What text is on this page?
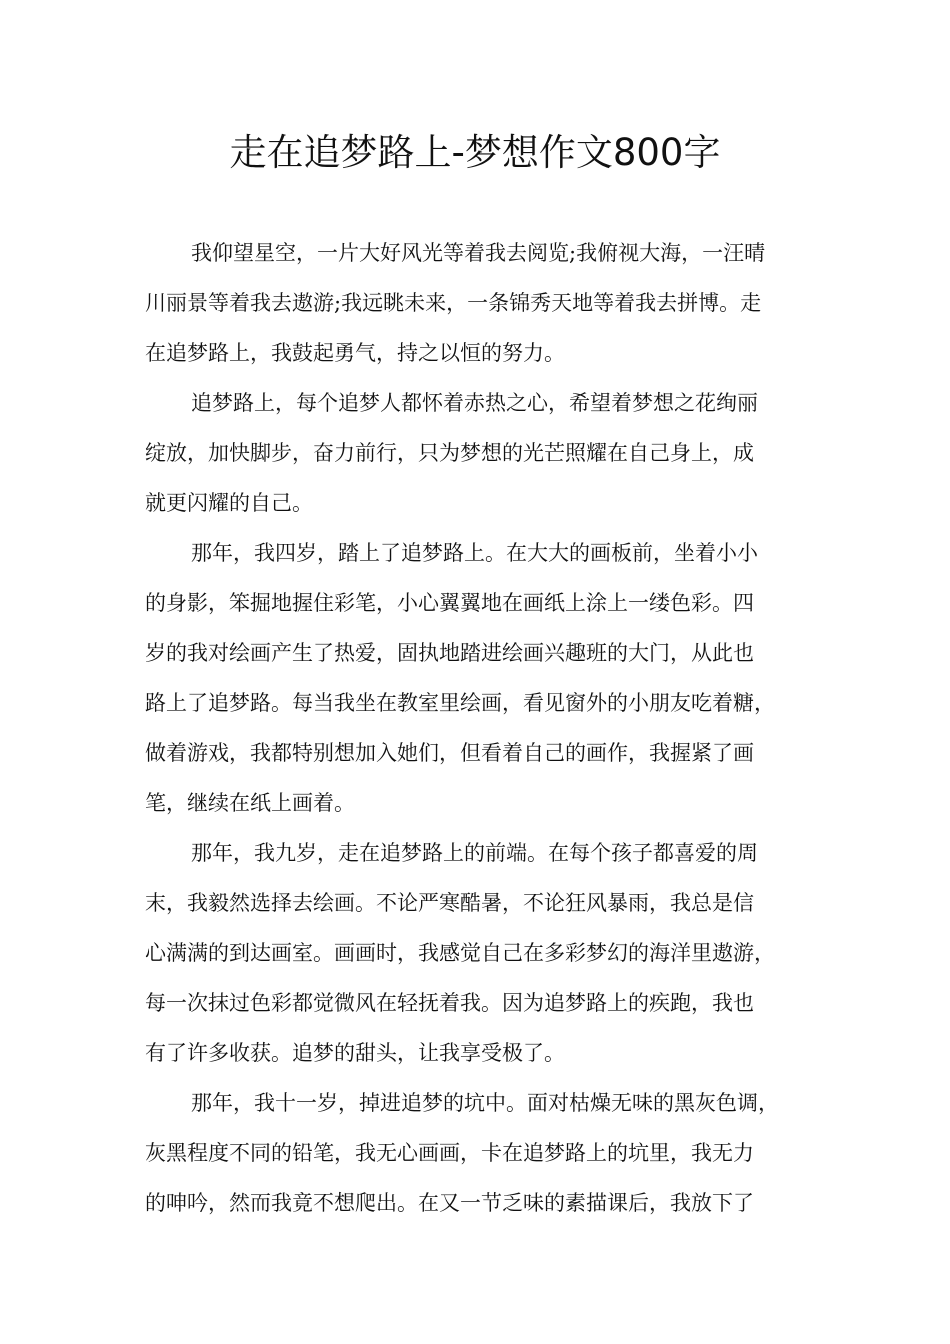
走在追梦路上-梦想作文800字

我仰望星空，一片大好风光等着我去阅览;我俯视大海，一汪晴
川丽景等着我去遨游;我远眺未来，一条锦秀天地等着我去拼博。走
在追梦路上，我鼓起勇气，持之以恒的努力。

追梦路上，每个追梦人都怀着赤热之心，希望着梦想之花绚丽
绽放，加快脚步，奋力前行，只为梦想的光芒照耀在自己身上，成
就更闪耀的自己。

那年，我四岁，踏上了追梦路上。在大大的画板前，坐着小小
的身影，笨掘地握住彩笔，小心翼翼地在画纸上涂上一缕色彩。四
岁的我对绘画产生了热爱，固执地踏进绘画兴趣班的大门，从此也
路上了追梦路。每当我坐在教室里绘画，看见窗外的小朋友吃着糖，
做着游戏，我都特别想加入她们，但看着自己的画作，我握紧了画
笔，继续在纸上画着。

那年，我九岁，走在追梦路上的前端。在每个孩子都喜爱的周
末，我毅然选择去绘画。不论严寒酷暑，不论狂风暴雨，我总是信
心满满的到达画室。画画时，我感觉自己在多彩梦幻的海洋里遨游，
每一次抹过色彩都觉微风在轻抚着我。因为追梦路上的疾跑，我也
有了许多收获。追梦的甜头，让我享受极了。

那年，我十一岁，掉进追梦的坑中。面对枯燥无味的黑灰色调，
灰黑程度不同的铅笔，我无心画画，卡在追梦路上的坑里，我无力
的呻吟，然而我竟不想爬出。在又一节乏味的素描课后，我放下了
